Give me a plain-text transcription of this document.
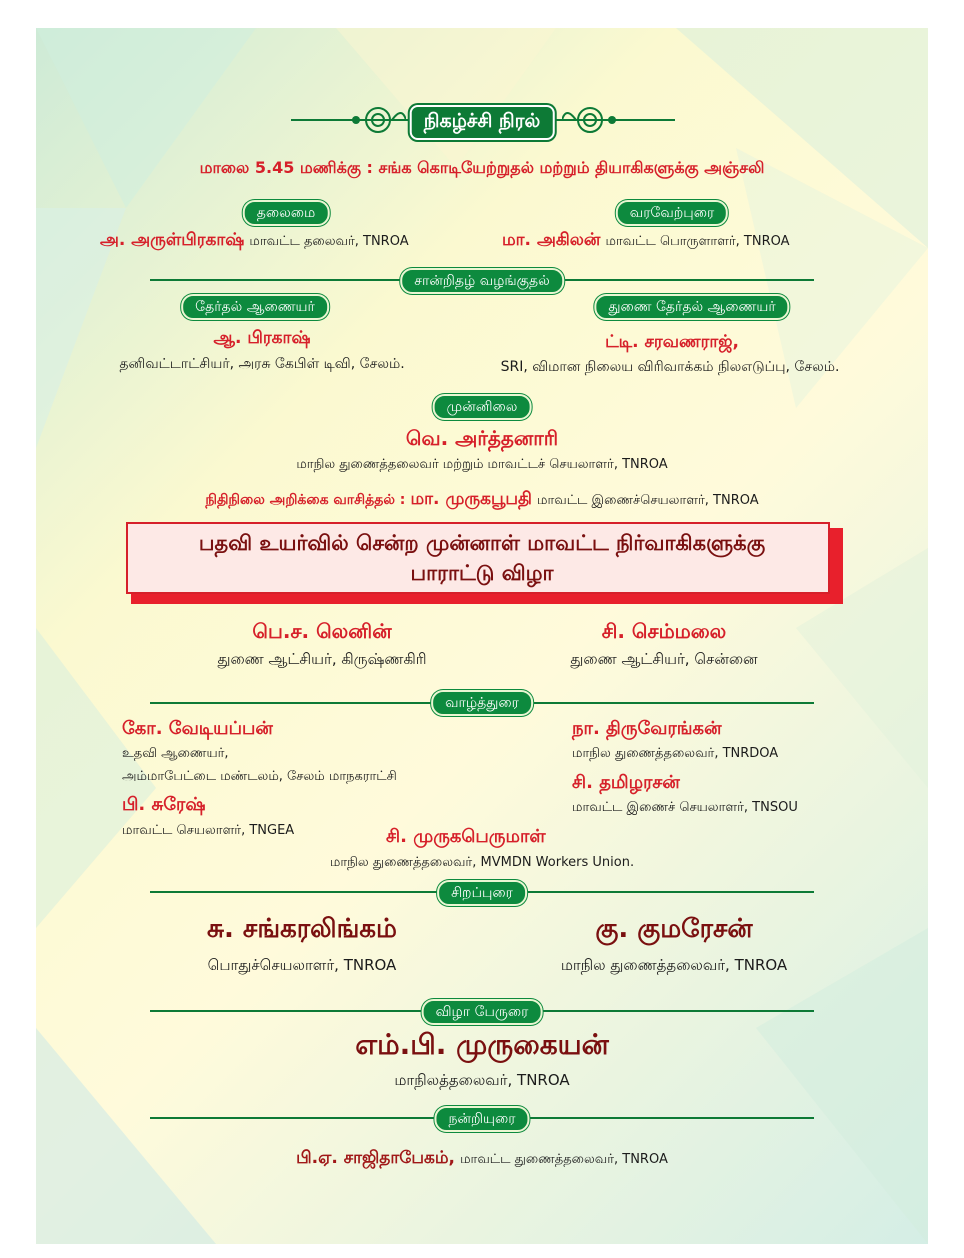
நிகழ்ச்சி நிரல்
மாலை 5.45 மணிக்கு : சங்க கொடியேற்றுதல் மற்றும் தியாகிகளுக்கு அஞ்சலி
தலைமை	வரவேற்புரை
அ. அருள்பிரகாஷ் மாவட்ட தலைவர், TNROA	மா. அகிலன் மாவட்ட பொருளாளர், TNROA
சான்றிதழ் வழங்குதல்
தேர்தல் ஆணையர்	துணை தேர்தல் ஆணையர்
ஆ. பிரகாஷ்	ட்டி. சரவணராஜ்,
தனிவட்டாட்சியர், அரசு கேபிள் டிவி, சேலம்.	SRI, விமான நிலைய விரிவாக்கம் நிலஎடுப்பு, சேலம்.
முன்னிலை
வெ. அர்த்தனாரி
மாநில துணைத்தலைவர் மற்றும் மாவட்டச் செயலாளர், TNROA
நிதிநிலை அறிக்கை வாசித்தல் : மா. முருகபூபதி மாவட்ட இணைச்செயலாளர், TNROA
பதவி உயர்வில் சென்ற முன்னாள் மாவட்ட நிர்வாகிகளுக்கு
பாராட்டு விழா
பெ.ச. லெனின்	சி. செம்மலை
துணை ஆட்சியர், கிருஷ்ணகிரி	துணை ஆட்சியர், சென்னை
வாழ்த்துரை
கோ. வேடியப்பன்
உதவி ஆணையர்,
அம்மாபேட்டை மண்டலம், சேலம் மாநகராட்சி
பி. சுரேஷ்
மாவட்ட செயலாளர், TNGEA
நா. திருவேரங்கன்
மாநில துணைத்தலைவர், TNRDOA
சி. தமிழரசன்
மாவட்ட இணைச் செயலாளர், TNSOU
சி. முருகபெருமாள்
மாநில துணைத்தலைவர், MVMDN Workers Union.
சிறப்புரை
சு. சங்கரலிங்கம்	கு. குமரேசன்
பொதுச்செயலாளர், TNROA	மாநில துணைத்தலைவர், TNROA
விழா பேருரை
எம்.பி. முருகையன்
மாநிலத்தலைவர், TNROA
நன்றியுரை
பி.ஏ. சாஜிதாபேகம், மாவட்ட துணைத்தலைவர், TNROA
